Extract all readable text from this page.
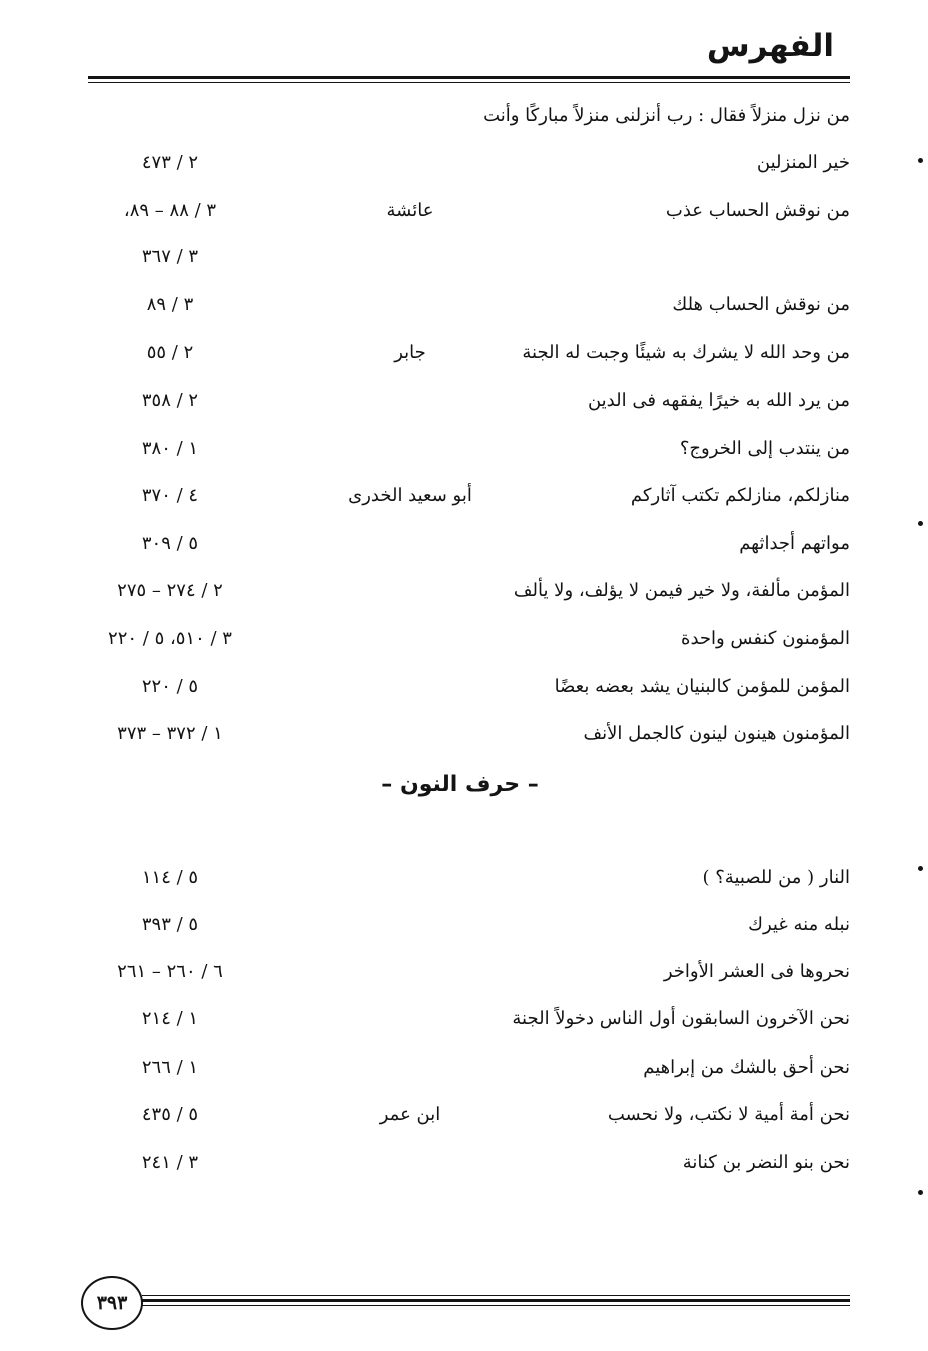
الفهرس
من نزل منزلاً فقال : رب أنزلنى منزلاً مباركًا وأنت
خير المنزلين
٢ / ٤٧٣
من نوقش الحساب عذب
عائشة
٣ / ٨٨ – ٨٩،
٣ / ٣٦٧
من نوقش الحساب هلك
٣ / ٨٩
من وحد الله لا يشرك به شيئًا وجبت له الجنة
جابر
٢ / ٥٥
من يرد الله به خيرًا يفقهه فى الدين
٢ / ٣٥٨
من ينتدب إلى الخروج؟
١ / ٣٨٠
منازلكم، منازلكم تكتب آثاركم
أبو سعيد الخدرى
٤ / ٣٧٠
مواتهم أجداثهم
٥ / ٣٠٩
المؤمن مألفة، ولا خير فيمن لا يؤلف، ولا يألف
٢ / ٢٧٤ – ٢٧٥
المؤمنون كنفس واحدة
٣ / ٥١٠، ٥ / ٢٢٠
المؤمن للمؤمن كالبنيان يشد بعضه بعضًا
٥ / ٢٢٠
المؤمنون هينون لينون كالجمل الأنف
١ / ٣٧٢ – ٣٧٣
– حرف النون –
النار ( من للصبية؟ )
٥ / ١١٤
نبله منه غيرك
٥ / ٣٩٣
نحروها فى العشر الأواخر
٦ / ٢٦٠ – ٢٦١
نحن الآخرون السابقون أول الناس دخولاً الجنة
١ / ٢١٤
نحن أحق بالشك من إبراهيم
١ / ٢٦٦
نحن أمة أمية لا نكتب، ولا نحسب
ابن عمر
٥ / ٤٣٥
نحن بنو النضر بن كنانة
٣ / ٢٤١
٣٩٣
